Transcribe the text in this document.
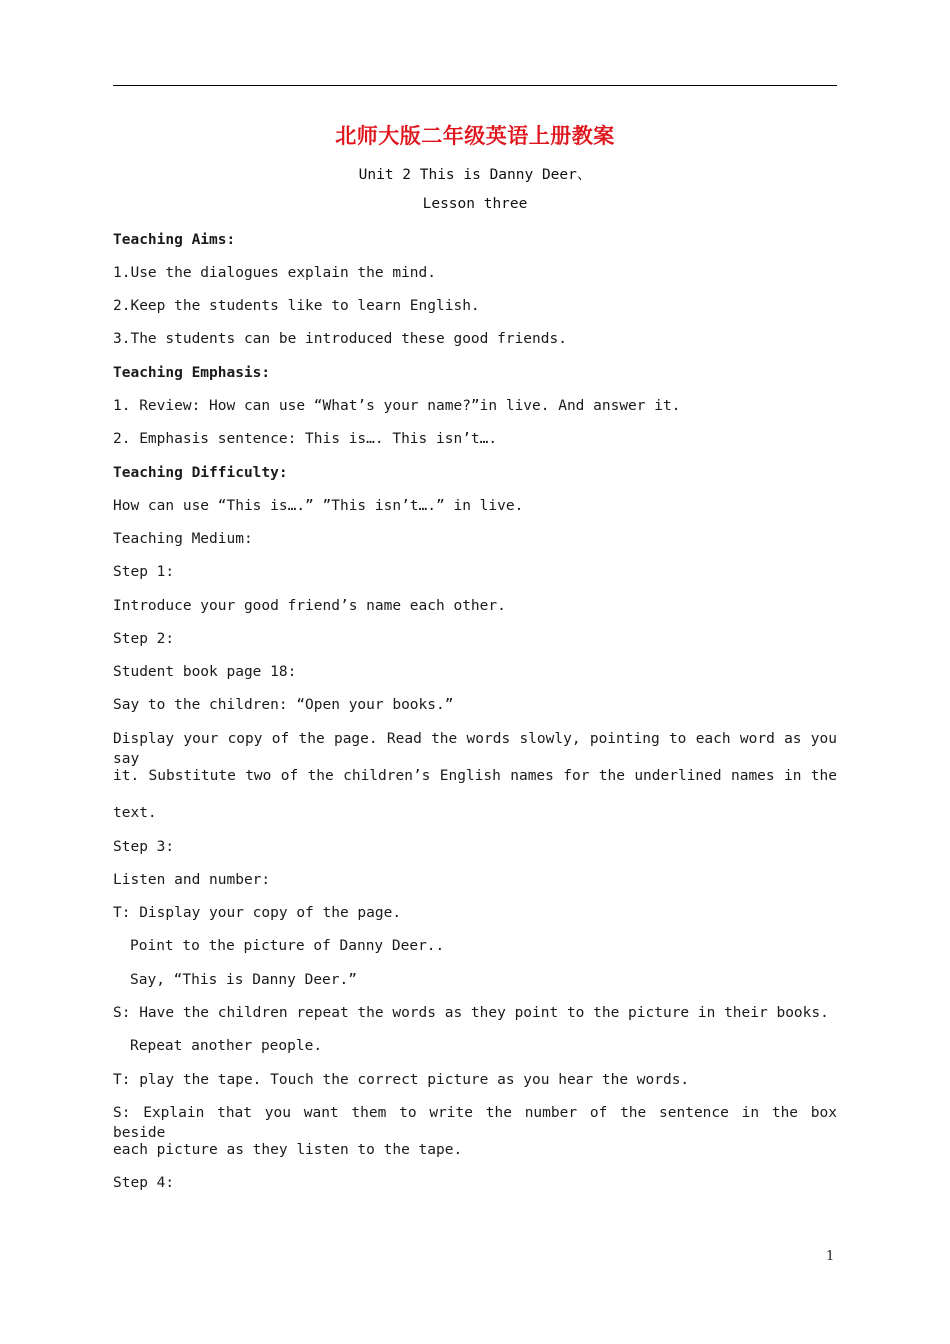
北师大版二年级英语上册教案
Unit 2 This is Danny Deer、
Lesson three
Teaching Aims:
1.Use the dialogues explain the mind.
2.Keep the students like to learn English.
3.The students can be introduced these good friends.
Teaching Emphasis:
1. Review: How can use “What’s your name?”in live. And answer it.
2. Emphasis sentence: This is…. This isn’t….
Teaching Difficulty:
How can use “This is….” ”This isn’t….” in live.
Teaching Medium:
Step 1:
Introduce your good friend’s name each other.
Step 2:
Student book page 18:
Say to the children: “Open your books.”
Display your copy of the page. Read the words slowly, pointing to each word as you say
it. Substitute two of the children’s English names for the underlined names in the
text.
Step 3:
Listen and number:
T: Display your copy of the page.
Point to the picture of Danny Deer..
Say, “This is Danny Deer.”
S: Have the children repeat the words as they point to the picture in their books.
Repeat another people.
T: play the tape. Touch the correct picture as you hear the words.
S: Explain that you want them to write the number of the sentence in the box beside
each picture as they listen to the tape.
Step 4:
1
